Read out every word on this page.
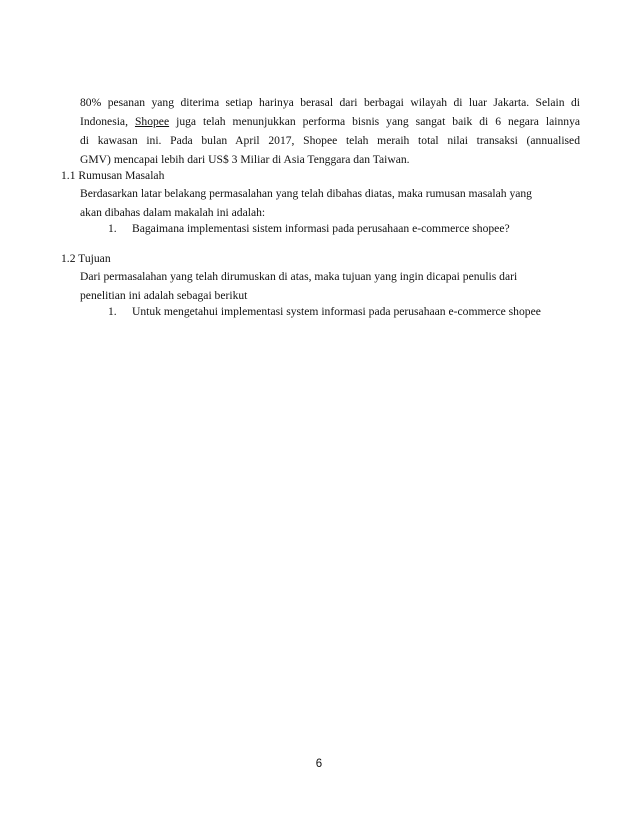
80% pesanan yang diterima setiap harinya berasal dari berbagai wilayah di luar Jakarta. Selain di
Indonesia, Shopee juga telah menunjukkan performa bisnis yang sangat baik di 6 negara lainnya
di kawasan ini. Pada bulan April 2017, Shopee telah meraih total nilai transaksi (annualised
GMV) mencapai lebih dari US$ 3 Miliar di Asia Tenggara dan Taiwan.
1.1 Rumusan Masalah
Berdasarkan latar belakang permasalahan yang telah dibahas diatas, maka rumusan masalah yang
akan dibahas dalam makalah ini adalah:
1. Bagaimana implementasi sistem informasi pada perusahaan e-commerce shopee?
1.2 Tujuan
Dari permasalahan yang telah dirumuskan di atas, maka tujuan yang ingin dicapai penulis dari
penelitian ini adalah sebagai berikut
1. Untuk mengetahui implementasi system informasi pada perusahaan e-commerce shopee
6
